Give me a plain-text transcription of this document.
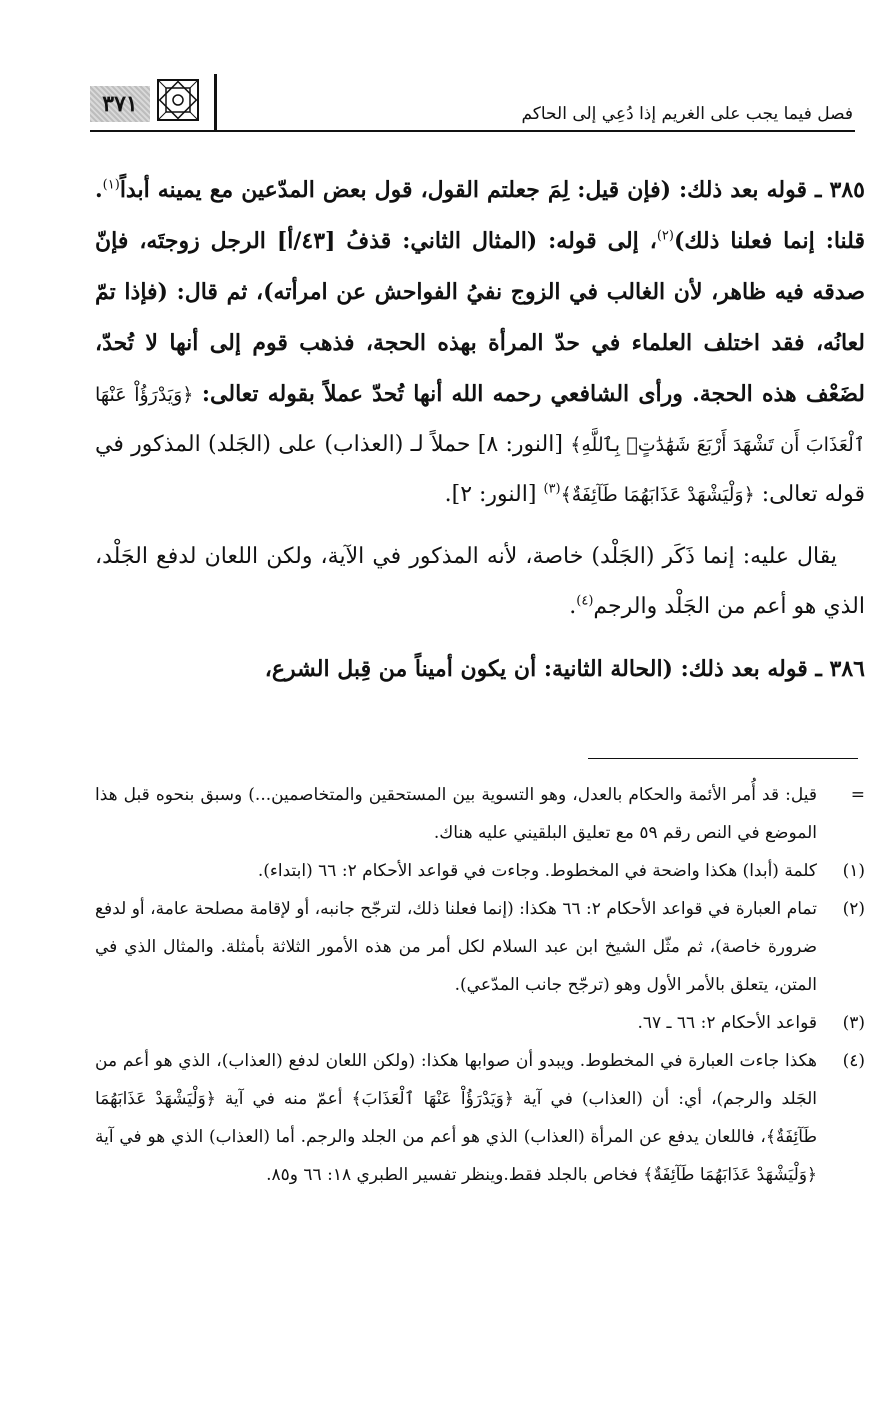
فصل فيما يجب على الغريم إذا دُعِي إلى الحاكم
٣٧١

٣٨٥ ـ قوله بعد ذلك: (فإن قيل: لِمَ جعلتم القول، قول بعض المدّعين مع يمينه أبداً$^{(١)}$. قلنا: إنما فعلنا ذلك)$^{(٢)}$، إلى قوله: (المثال الثاني: قذفُ [٤٣/أ] الرجل زوجتَه، فإنّ صدقه فيه ظاهر، لأن الغالب في الزوج نفيُ الفواحش عن امرأته)، ثم قال: (فإذا تمّ لعانُه، فقد اختلف العلماء في حدّ المرأة بهذه الحجة، فذهب قوم إلى أنها لا تُحدّ، لضَعْف هذه الحجة. ورأى الشافعي رحمه الله أنها تُحدّ عملاً بقوله تعالى: ﴿وَيَدْرَؤُاْ عَنْهَا ٱلْعَذَابَ أَن تَشْهَدَ أَرْبَعَ شَهَٰدَٰتٍۭ بِٱللَّهِ﴾ [النور: ٨] حملاً لـ (العذاب) على (الجَلد) المذكور في قوله تعالى: ﴿وَلْيَشْهَدْ عَذَابَهُمَا طَآئِفَةٌ﴾$^{(٣)}$ [النور: ٢].

يقال عليه: إنما ذَكَر (الجَلْد) خاصة، لأنه المذكور في الآية، ولكن اللعان لدفع الجَلْد، الذي هو أعم من الجَلْد والرجم$^{(٤)}$.

٣٨٦ ـ قوله بعد ذلك: (الحالة الثانية: أن يكون أميناً من قِبل الشرع،

=
قيل: قد أُمر الأئمة والحكام بالعدل، وهو التسوية بين المستحقين والمتخاصمين...) وسبق بنحوه قبل هذا الموضع في النص رقم ٥٩ مع تعليق البلقيني عليه هناك.
(١)
كلمة (أبدا) هكذا واضحة في المخطوط. وجاءت في قواعد الأحكام ٢: ٦٦ (ابتداء).
(٢)
تمام العبارة في قواعد الأحكام ٢: ٦٦ هكذا: (إنما فعلنا ذلك، لترجّح جانبه، أو لإقامة مصلحة عامة، أو لدفع ضرورة خاصة)، ثم مثّل الشيخ ابن عبد السلام لكل أمر من هذه الأمور الثلاثة بأمثلة. والمثال الذي في المتن، يتعلق بالأمر الأول وهو (ترجّح جانب المدّعي).
(٣)
قواعد الأحكام ٢: ٦٦ ـ ٦٧.
(٤)
هكذا جاءت العبارة في المخطوط. ويبدو أن صوابها هكذا: (ولكن اللعان لدفع (العذاب)، الذي هو أعم من الجَلد والرجم)، أي: أن (العذاب) في آية ﴿وَيَدْرَؤُاْ عَنْهَا ٱلْعَذَابَ﴾ أعمّ منه في آية ﴿وَلْيَشْهَدْ عَذَابَهُمَا طَآئِفَةٌ﴾، فاللعان يدفع عن المرأة (العذاب) الذي هو أعم من الجلد والرجم. أما (العذاب) الذي هو في آية ﴿وَلْيَشْهَدْ عَذَابَهُمَا طَآئِفَةٌ﴾ فخاص بالجلد فقط.وينظر تفسير الطبري ١٨: ٦٦ و٨٥.
